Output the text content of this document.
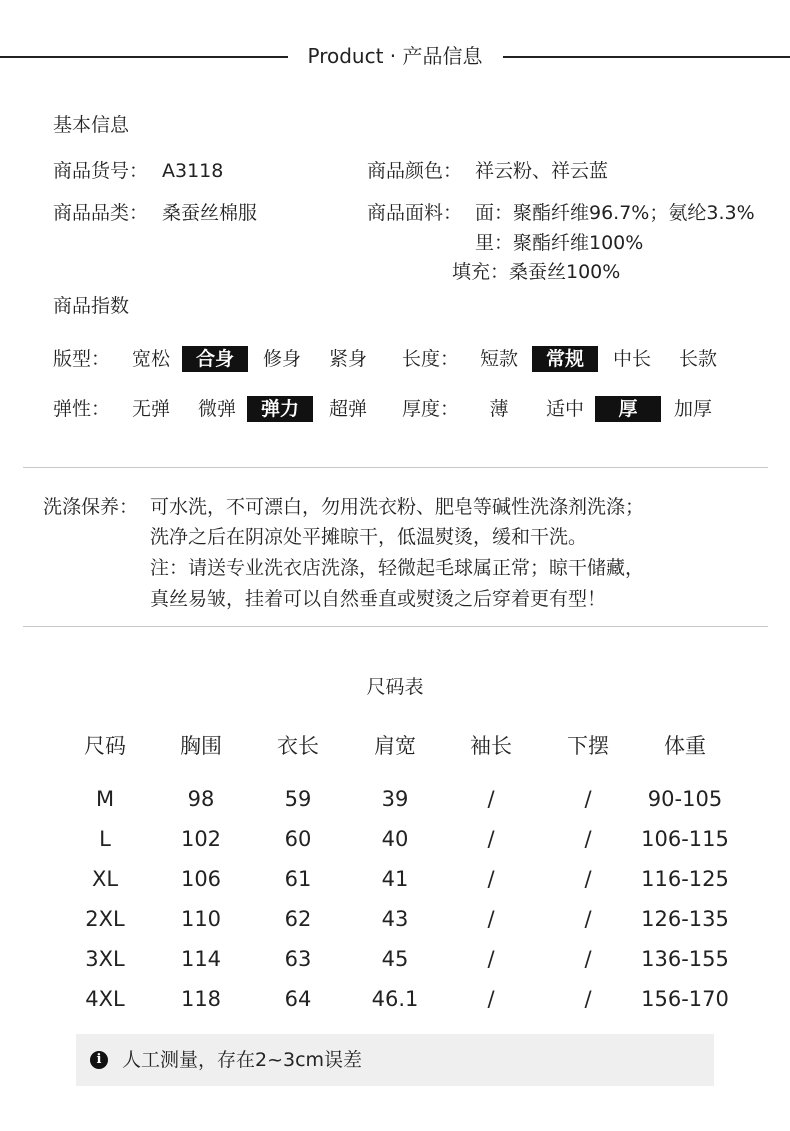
Product · 产品信息
基本信息
商品货号： A3118	商品颜色： 祥云粉、祥云蓝
商品品类： 桑蚕丝棉服	商品面料： 面：聚酯纤维96.7%；氨纶3.3%
里：聚酯纤维100%
填充：桑蚕丝100%
商品指数
版型：	宽松	合身	修身	紧身	长度：	短款	常规	中长	长款
弹性：	无弹	微弹	弹力	超弹	厚度：	薄	适中	厚	加厚
洗涤保养： 可水洗，不可漂白，勿用洗衣粉、肥皂等碱性洗涤剂洗涤；
洗净之后在阴凉处平摊晾干，低温熨烫，缓和干洗。
注：请送专业洗衣店洗涤，轻微起毛球属正常；晾干储藏，
真丝易皱，挂着可以自然垂直或熨烫之后穿着更有型！
尺码表
尺码	胸围	衣长	肩宽	袖长	下摆	体重
M	98	59	39	/	/	90-105
L	102	60	40	/	/	106-115
XL	106	61	41	/	/	116-125
2XL	110	62	43	/	/	126-135
3XL	114	63	45	/	/	136-155
4XL	118	64	46.1	/	/	156-170
i	人工测量，存在2~3cm误差
